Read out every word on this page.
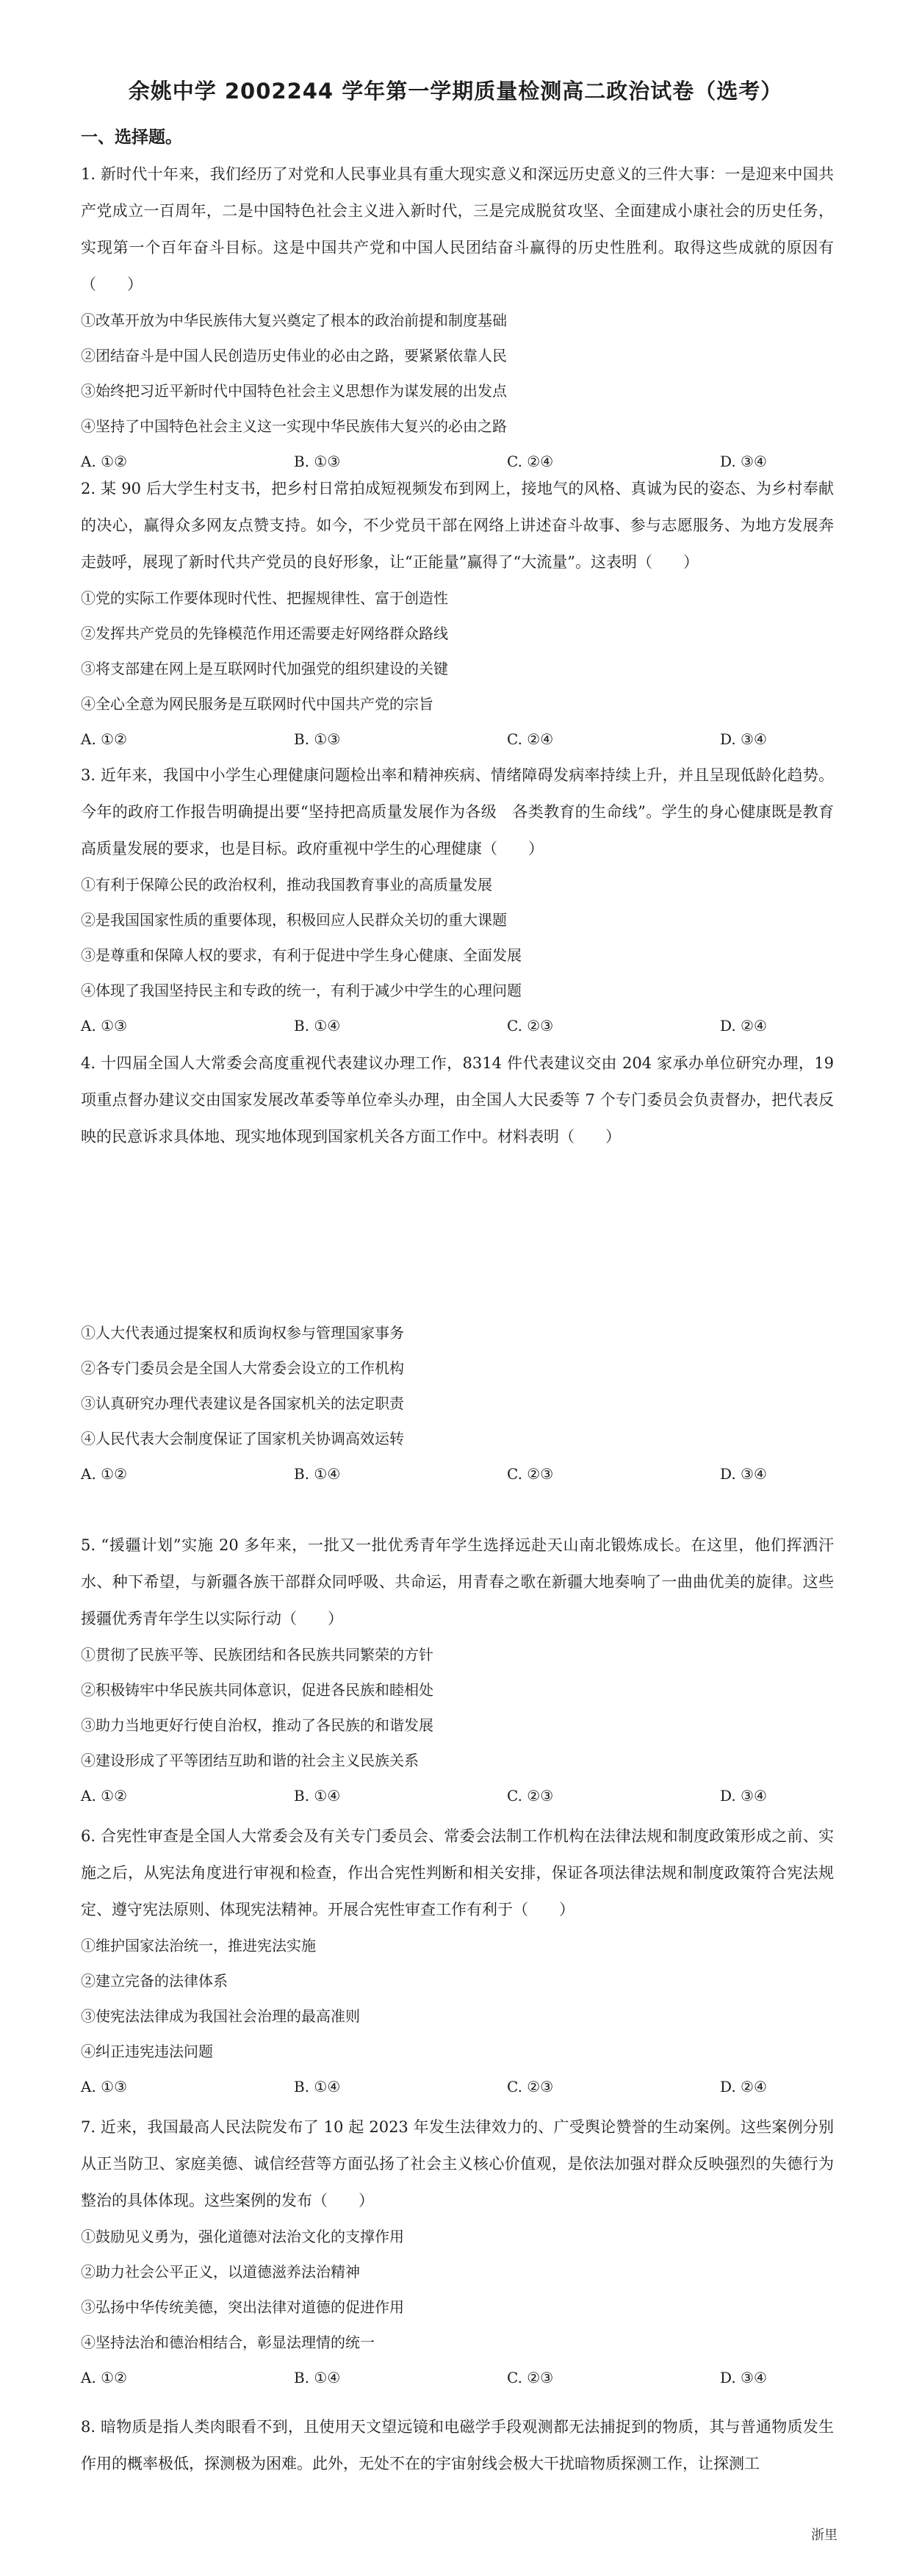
余姚中学 2002244 学年第一学期质量检测高二政治试卷（选考）
一、选择题。
1. 新时代十年来，我们经历了对党和人民事业具有重大现实意义和深远历史意义的三件大事：一是迎来中国共产党成立一百周年，二是中国特色社会主义进入新时代，三是完成脱贫攻坚、全面建成小康社会的历史任务，实现第一个百年奋斗目标。这是中国共产党和中国人民团结奋斗赢得的历史性胜利。取得这些成就的原因有（　　）
①改革开放为中华民族伟大复兴奠定了根本的政治前提和制度基础
②团结奋斗是中国人民创造历史伟业的必由之路，要紧紧依靠人民
③始终把习近平新时代中国特色社会主义思想作为谋发展的出发点
④坚持了中国特色社会主义这一实现中华民族伟大复兴的必由之路
A. ①②	B. ①③	C. ②④	D. ③④
2. 某 90 后大学生村支书，把乡村日常拍成短视频发布到网上，接地气的风格、真诚为民的姿态、为乡村奉献的决心，赢得众多网友点赞支持。如今，不少党员干部在网络上讲述奋斗故事、参与志愿服务、为地方发展奔走鼓呼，展现了新时代共产党员的良好形象，让“正能量”赢得了“大流量”。这表明（　　）
①党的实际工作要体现时代性、把握规律性、富于创造性
②发挥共产党员的先锋模范作用还需要走好网络群众路线
③将支部建在网上是互联网时代加强党的组织建设的关键
④全心全意为网民服务是互联网时代中国共产党的宗旨
A. ①②	B. ①③	C. ②④	D. ③④
3. 近年来，我国中小学生心理健康问题检出率和精神疾病、情绪障碍发病率持续上升，并且呈现低龄化趋势。今年的政府工作报告明确提出要“坚持把高质量发展作为各级　各类教育的生命线”。学生的身心健康既是教育高质量发展的要求，也是目标。政府重视中学生的心理健康（　　）
①有利于保障公民的政治权利，推动我国教育事业的高质量发展
②是我国国家性质的重要体现，积极回应人民群众关切的重大课题
③是尊重和保障人权的要求，有利于促进中学生身心健康、全面发展
④体现了我国坚持民主和专政的统一，有利于减少中学生的心理问题
A. ①③	B. ①④	C. ②③	D. ②④
4. 十四届全国人大常委会高度重视代表建议办理工作，8314 件代表建议交由 204 家承办单位研究办理，19 项重点督办建议交由国家发展改革委等单位牵头办理，由全国人大民委等 7 个专门委员会负责督办，把代表反映的民意诉求具体地、现实地体现到国家机关各方面工作中。材料表明（　　）
①人大代表通过提案权和质询权参与管理国家事务
②各专门委员会是全国人大常委会设立的工作机构
③认真研究办理代表建议是各国家机关的法定职责
④人民代表大会制度保证了国家机关协调高效运转
A. ①②	B. ①④	C. ②③	D. ③④
5. “援疆计划”实施 20 多年来，一批又一批优秀青年学生选择远赴天山南北锻炼成长。在这里，他们挥洒汗水、种下希望，与新疆各族干部群众同呼吸、共命运，用青春之歌在新疆大地奏响了一曲曲优美的旋律。这些援疆优秀青年学生以实际行动（　　）
①贯彻了民族平等、民族团结和各民族共同繁荣的方针
②积极铸牢中华民族共同体意识，促进各民族和睦相处
③助力当地更好行使自治权，推动了各民族的和谐发展
④建设形成了平等团结互助和谐的社会主义民族关系
A. ①②	B. ①④	C. ②③	D. ③④
6. 合宪性审查是全国人大常委会及有关专门委员会、常委会法制工作机构在法律法规和制度政策形成之前、实施之后，从宪法角度进行审视和检查，作出合宪性判断和相关安排，保证各项法律法规和制度政策符合宪法规定、遵守宪法原则、体现宪法精神。开展合宪性审查工作有利于（　　）
①维护国家法治统一，推进宪法实施
②建立完备的法律体系
③使宪法法律成为我国社会治理的最高准则
④纠正违宪违法问题
A. ①③	B. ①④	C. ②③	D. ②④
7. 近来，我国最高人民法院发布了 10 起 2023 年发生法律效力的、广受舆论赞誉的生动案例。这些案例分别从正当防卫、家庭美德、诚信经营等方面弘扬了社会主义核心价值观，是依法加强对群众反映强烈的失德行为整治的具体体现。这些案例的发布（　　）
①鼓励见义勇为，强化道德对法治文化的支撑作用
②助力社会公平正义，以道德滋养法治精神
③弘扬中华传统美德，突出法律对道德的促进作用
④坚持法治和德治相结合，彰显法理情的统一
A. ①②	B. ①④	C. ②③	D. ③④
8. 暗物质是指人类肉眼看不到，且使用天文望远镜和电磁学手段观测都无法捕捉到的物质，其与普通物质发生作用的概率极低，探测极为困难。此外，无处不在的宇宙射线会极大干扰暗物质探测工作，让探测工
浙里
